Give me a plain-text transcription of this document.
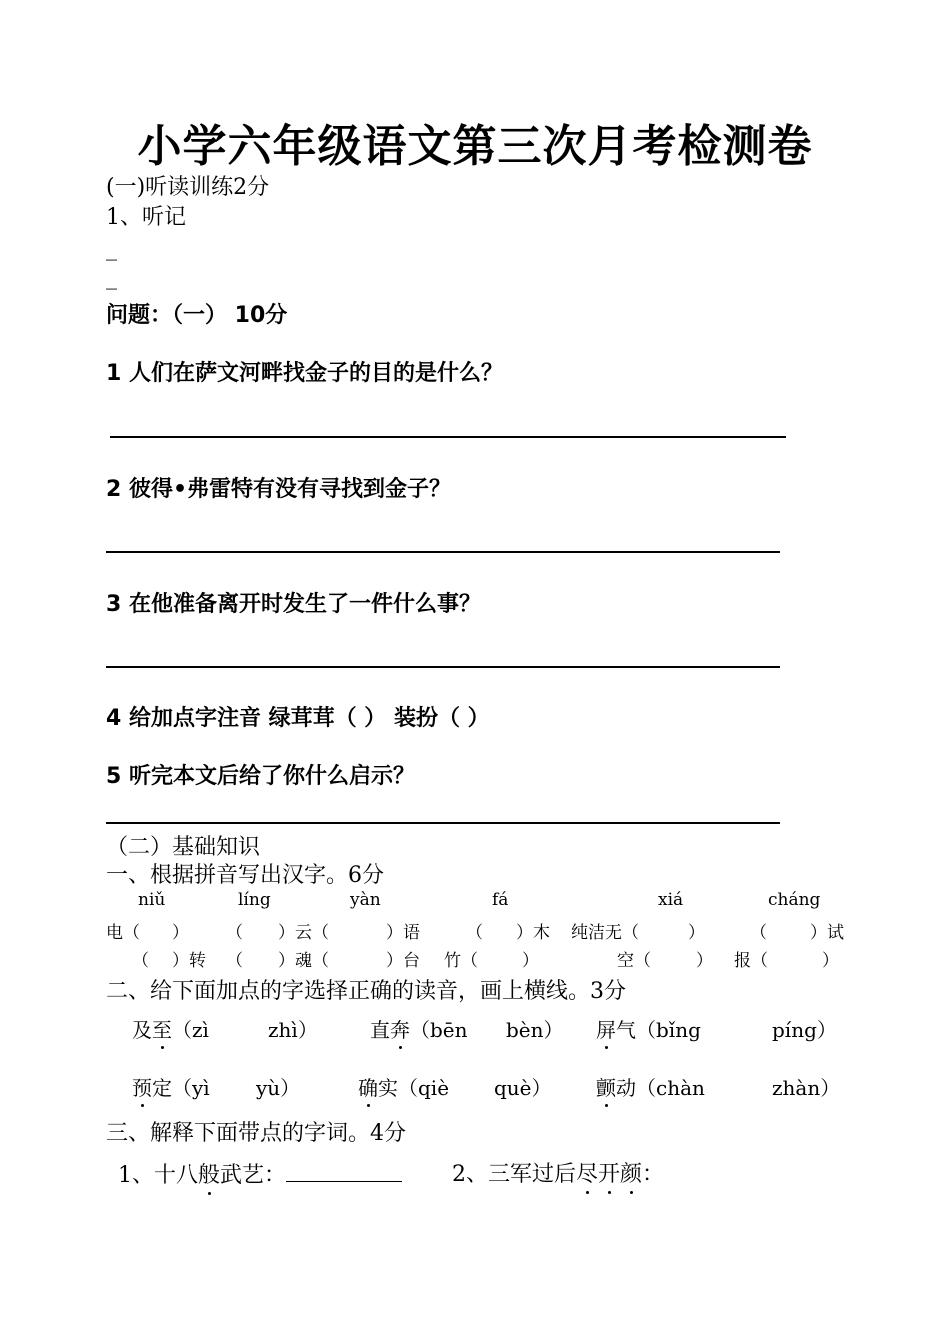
小学六年级语文第三次月考检测卷
(一)听读训练2分
1、听记
_
_
问题：（一） 10分
1 人们在萨文河畔找金子的目的是什么？
2 彼得•弗雷特有没有寻找到金子？
3 在他准备离开时发生了一件什么事？
4 给加点字注音 绿茸茸（ ） 装扮（ ）
5 听完本文后给了你什么启示？
（二）基础知识
一、根据拼音写出汉字。6分
niǔ	líng	yàn	fá	xiá	cháng
电（ ） （ ）云（	）语	（ ）木 纯洁无（	）	（	）试
（ ）转 （ ）魂（	）台 竹（	）	空（	） 报（	）
二、给下面加点的字选择正确的读音，画上横线。3分
及至（zì	zhì）	直奔（bēn bèn） 屏气（bǐng	píng）
预定（yì yù）	确实（qiè què） 颤动（chàn	zhàn）
三、解释下面带点的字词。4分
1、十八般武艺：	2、三军过后尽开颜：
